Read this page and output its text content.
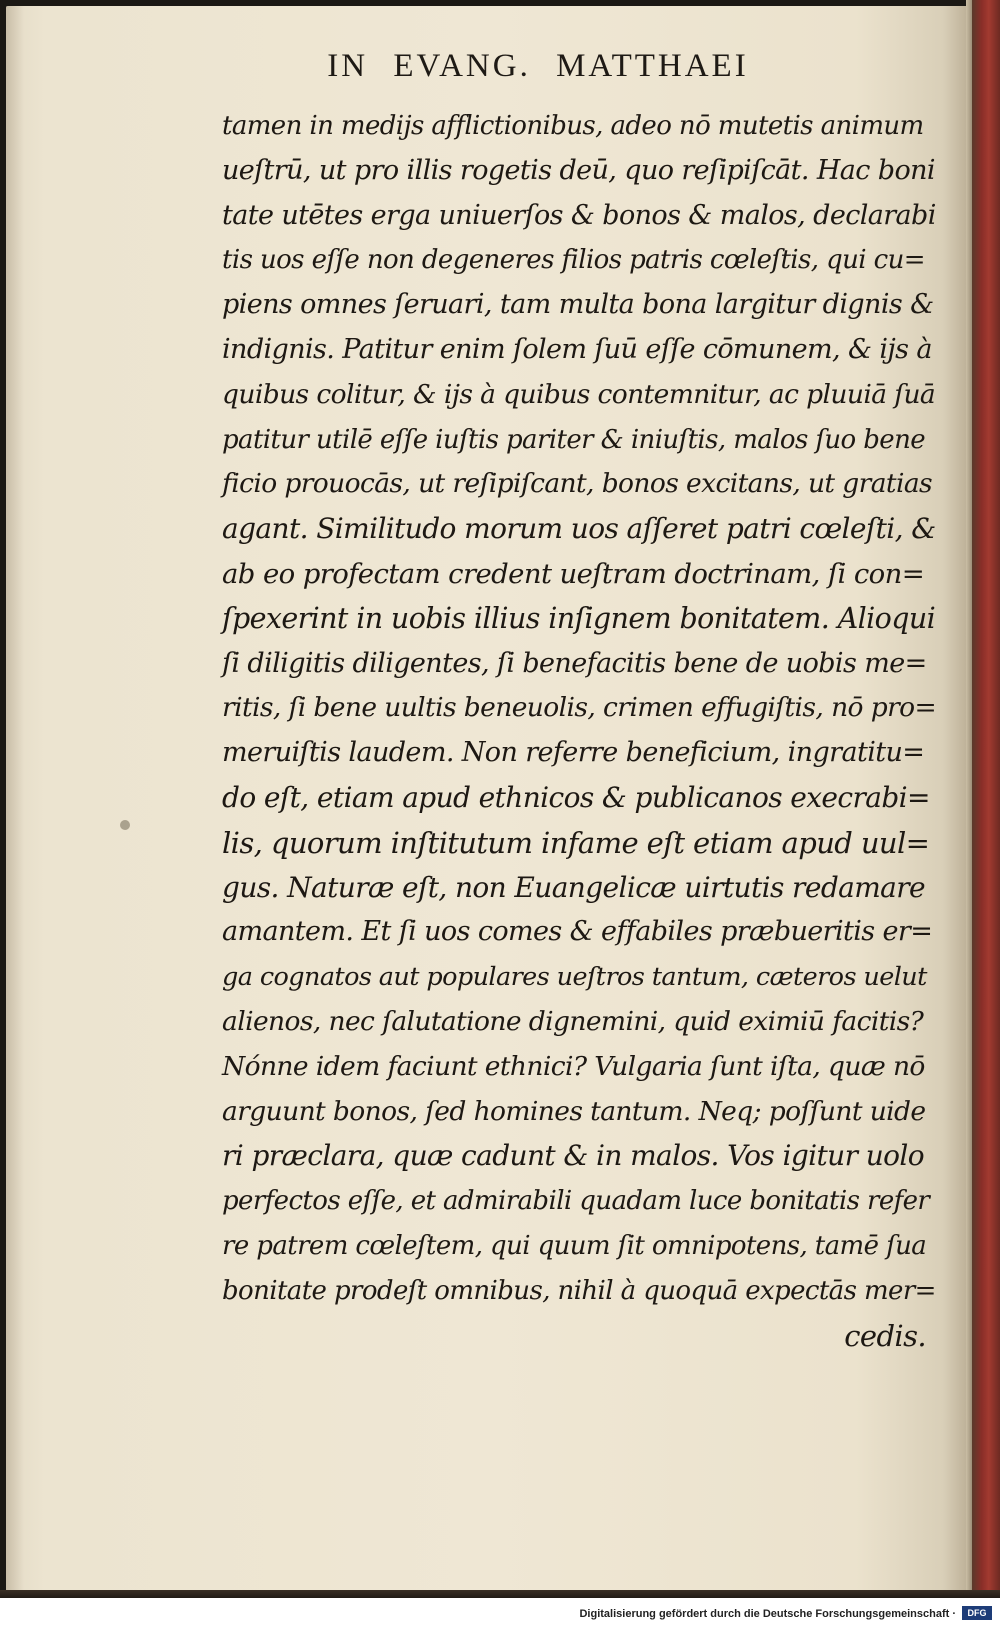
IN EVANG. MATTHAEI
tamen in medijs afflictionibus, adeo nō mutetis animum
ueſtrū, ut pro illis rogetis deū, quo reſipiſcāt. Hac boni
tate utētes erga uniuerſos & bonos & malos, declarabi
tis uos eſſe non degeneres filios patris cœleſtis, qui cu=
piens omnes ſeruari, tam multa bona largitur dignis &
indignis. Patitur enim ſolem ſuū eſſe cōmunem, & ijs à
quibus colitur, & ijs à quibus contemnitur, ac pluuiā ſuā
patitur utilē eſſe iuſtis pariter & iniuſtis, malos ſuo bene
ficio prouocās, ut reſipiſcant, bonos excitans, ut gratias
agant. Similitudo morum uos aſſeret patri cœleſti, &
ab eo profectam credent ueſtram doctrinam, ſi con=
ſpexerint in uobis illius inſignem bonitatem. Alioqui
ſi diligitis diligentes, ſi benefacitis bene de uobis me=
ritis, ſi bene uultis beneuolis, crimen effugiſtis, nō pro=
meruiſtis laudem. Non referre beneficium, ingratitu=
do eſt, etiam apud ethnicos & publicanos execrabi=
lis, quorum inſtitutum infame eſt etiam apud uul=
gus. Naturæ eſt, non Euangelicæ uirtutis redamare
amantem. Et ſi uos comes & effabiles præbueritis er=
ga cognatos aut populares ueſtros tantum, cæteros uelut
alienos, nec ſalutatione dignemini, quid eximiū facitis?
Nónne idem faciunt ethnici? Vulgaria ſunt iſta, quæ nō
arguunt bonos, ſed homines tantum. Neq; poſſunt uide
ri præclara, quæ cadunt & in malos. Vos igitur uolo
perfectos eſſe, et admirabili quadam luce bonitatis refer
re patrem cœleſtem, qui quum ſit omnipotens, tamē ſua
bonitate prodeſt omnibus, nihil à quoquā expectās mer=
cedis.
Digitalisierung gefördert durch die Deutsche Forschungsgemeinschaft ·	DFG
